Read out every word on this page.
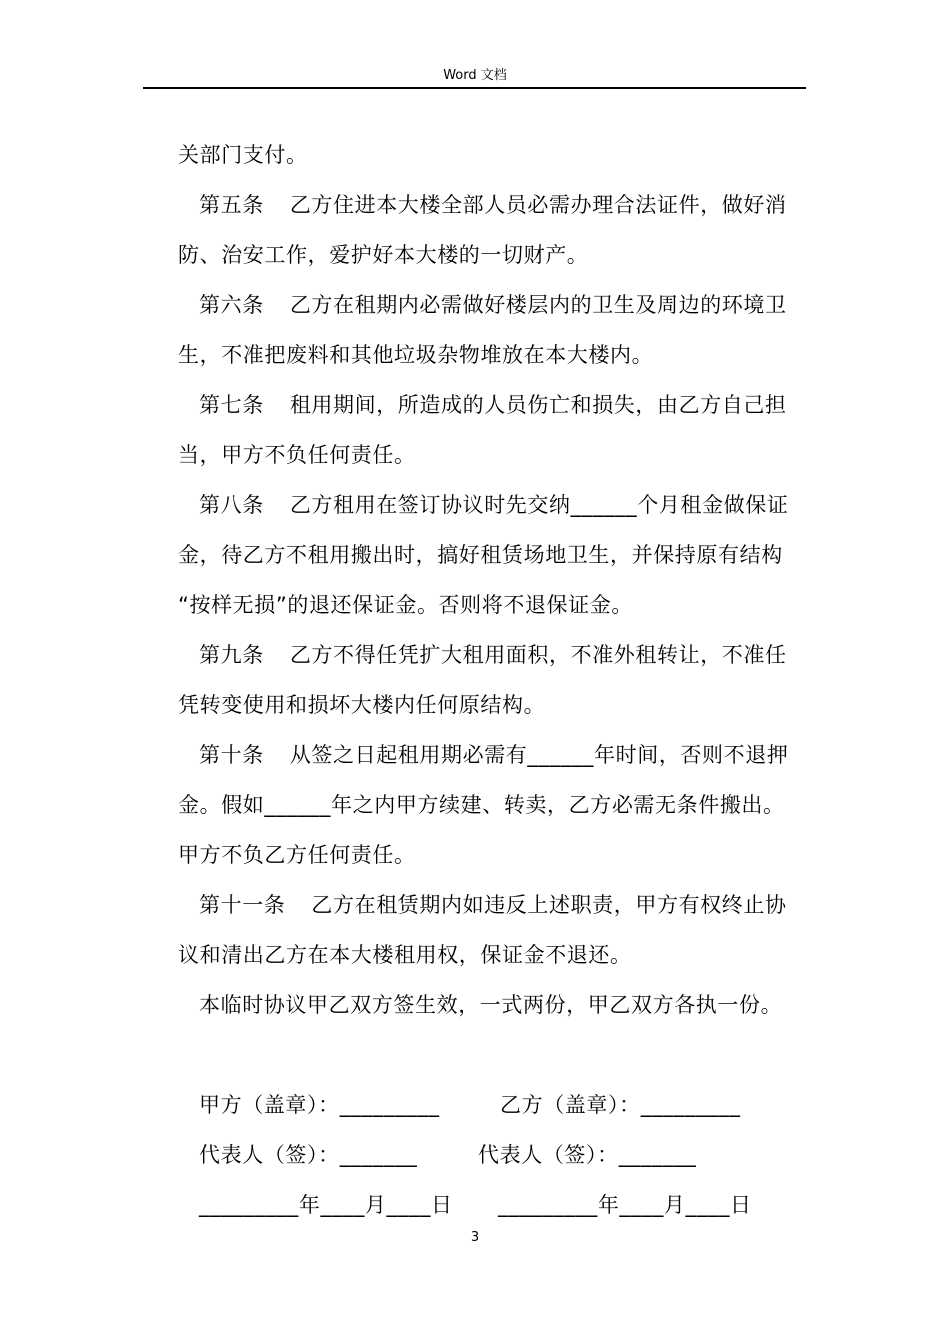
Word 文档
关部门支付。
第五条 乙方住进本大楼全部人员必需办理合法证件，做好消
防、治安工作，爱护好本大楼的一切财产。
第六条 乙方在租期内必需做好楼层内的卫生及周边的环境卫
生，不准把废料和其他垃圾杂物堆放在本大楼内。
第七条 租用期间，所造成的人员伤亡和损失，由乙方自己担
当，甲方不负任何责任。
第八条 乙方租用在签订协议时先交纳______个月租金做保证
金，待乙方不租用搬出时，搞好租赁场地卫生，并保持原有结构
“按样无损”的退还保证金。否则将不退保证金。
第九条 乙方不得任凭扩大租用面积，不准外租转让，不准任
凭转变使用和损坏大楼内任何原结构。
第十条 从签之日起租用期必需有______年时间，否则不退押
金。假如______年之内甲方续建、转卖，乙方必需无条件搬出。
甲方不负乙方任何责任。
第十一条 乙方在租赁期内如违反上述职责，甲方有权终止协
议和清出乙方在本大楼租用权，保证金不退还。
本临时协议甲乙双方签生效，一式两份，甲乙双方各执一份。
甲方（盖章）：_________	乙方（盖章）：_________
代表人（签）：_______	代表人（签）：_______
_________年____月____日 _________年____月____日
3
